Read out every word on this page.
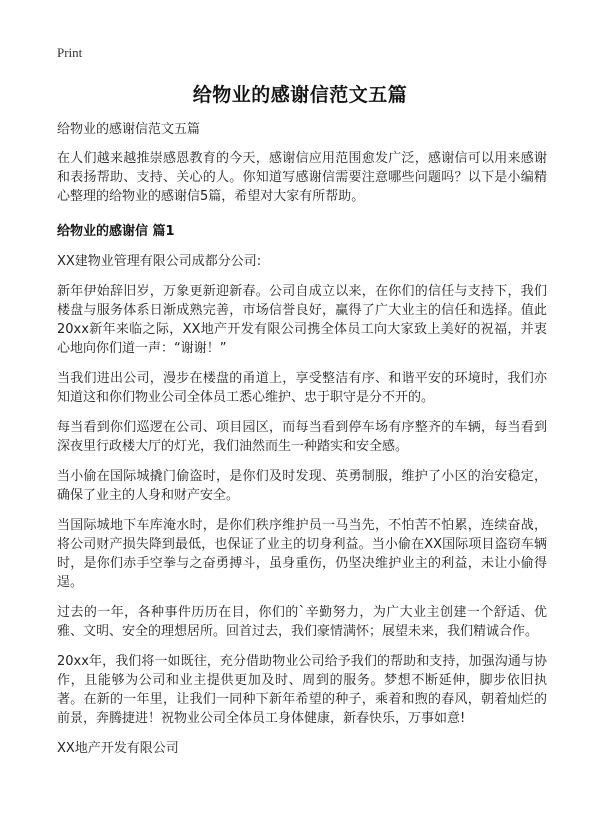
Print
给物业的感谢信范文五篇

给物业的感谢信范文五篇

在人们越来越推崇感恩教育的今天，感谢信应用范围愈发广泛，感谢信可以用来感谢和表扬帮助、支持、关心的人。你知道写感谢信需要注意哪些问题吗？以下是小编精心整理的给物业的感谢信5篇，希望对大家有所帮助。

给物业的感谢信 篇1

XX建物业管理有限公司成都分公司:

新年伊始辞旧岁，万象更新迎新春。公司自成立以来，在你们的信任与支持下，我们楼盘与服务体系日渐成熟完善，市场信誉良好，赢得了广大业主的信任和选择。值此20xx新年来临之际，XX地产开发有限公司携全体员工向大家致上美好的祝福，并衷心地向你们道一声：“谢谢！”

当我们进出公司，漫步在楼盘的甬道上，享受整洁有序、和谐平安的环境时，我们亦知道这和你们物业公司全体员工悉心维护、忠于职守是分不开的。

每当看到你们巡逻在公司、项目园区，而每当看到停车场有序整齐的车辆，每当看到深夜里行政楼大厅的灯光，我们油然而生一种踏实和安全感。

当小偷在国际城撬门偷盗时，是你们及时发现、英勇制服，维护了小区的治安稳定，确保了业主的人身和财产安全。

当国际城地下车库淹水时，是你们秩序维护员一马当先，不怕苦不怕累，连续奋战，将公司财产损失降到最低，也保证了业主的切身利益。当小偷在XX国际项目盗窃车辆时，是你们赤手空拳与之奋勇搏斗，虽身重伤，仍坚决维护业主的利益，未让小偷得逞。

过去的一年，各种事件历历在目，你们的`辛勤努力，为广大业主创建一个舒适、优雅、文明、安全的理想居所。回首过去，我们豪情满怀；展望未来，我们精诚合作。

20xx年，我们将一如既往，充分借助物业公司给予我们的帮助和支持，加强沟通与协作，且能够为公司和业主提供更加及时、周到的服务。梦想不断延伸，脚步依旧执著。在新的一年里，让我们一同种下新年希望的种子，乘着和煦的春风，朝着灿烂的前景，奔腾捷进！祝物业公司全体员工身体健康，新春快乐，万事如意!

XX地产开发有限公司
